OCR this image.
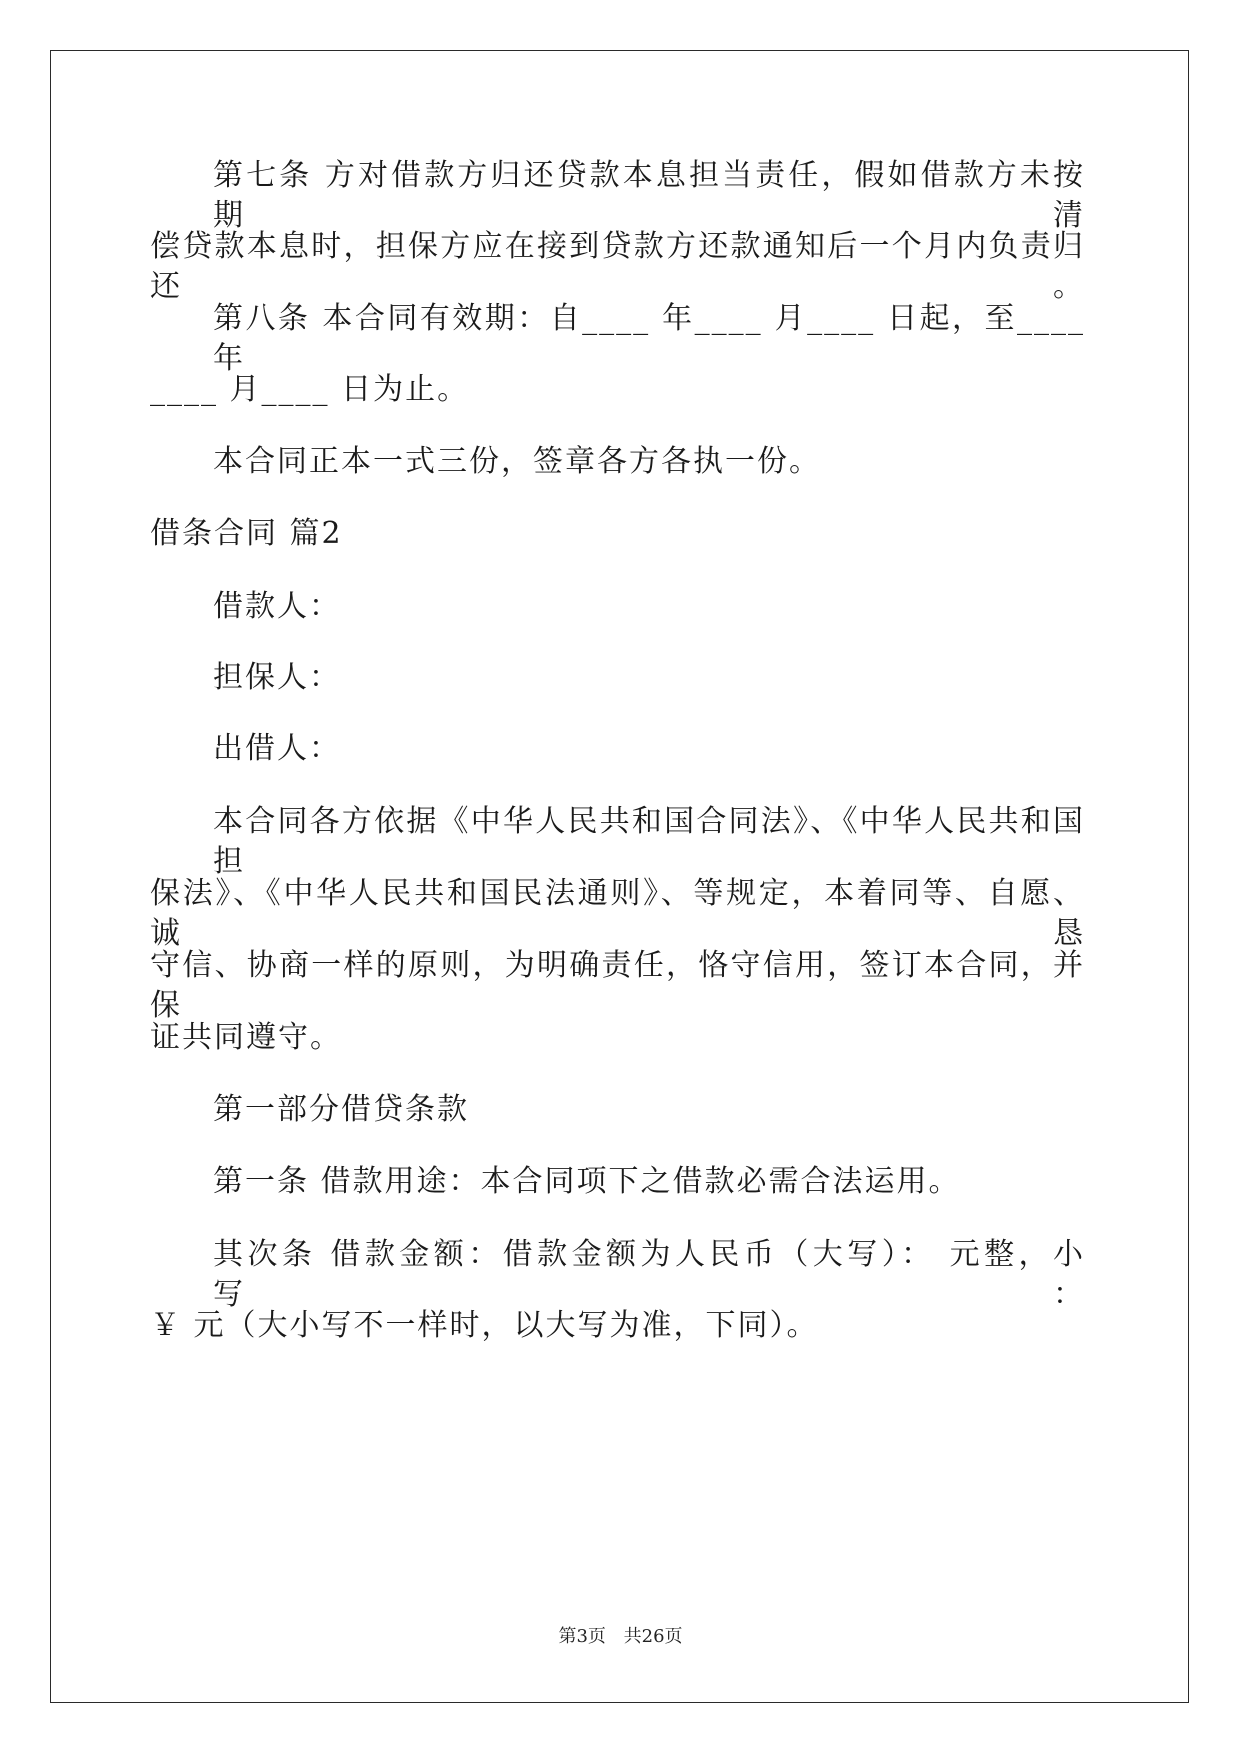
第七条 方对借款方归还贷款本息担当责任，假如借款方未按期清
偿贷款本息时，担保方应在接到贷款方还款通知后一个月内负责归还。
第八条 本合同有效期：自____ 年____ 月____ 日起，至____ 年
____ 月____ 日为止。
本合同正本一式三份，签章各方各执一份。
借条合同 篇2
借款人：
担保人：
出借人：
本合同各方依据《中华人民共和国合同法》、《中华人民共和国担
保法》、《中华人民共和国民法通则》、等规定，本着同等、自愿、诚恳
守信、协商一样的原则，为明确责任，恪守信用，签订本合同，并保
证共同遵守。
第一部分借贷条款
第一条 借款用途：本合同项下之借款必需合法运用。
其次条 借款金额：借款金额为人民币（大写）： 元整，小写：
￥ 元（大小写不一样时，以大写为准，下同）。
第3页 共26页
